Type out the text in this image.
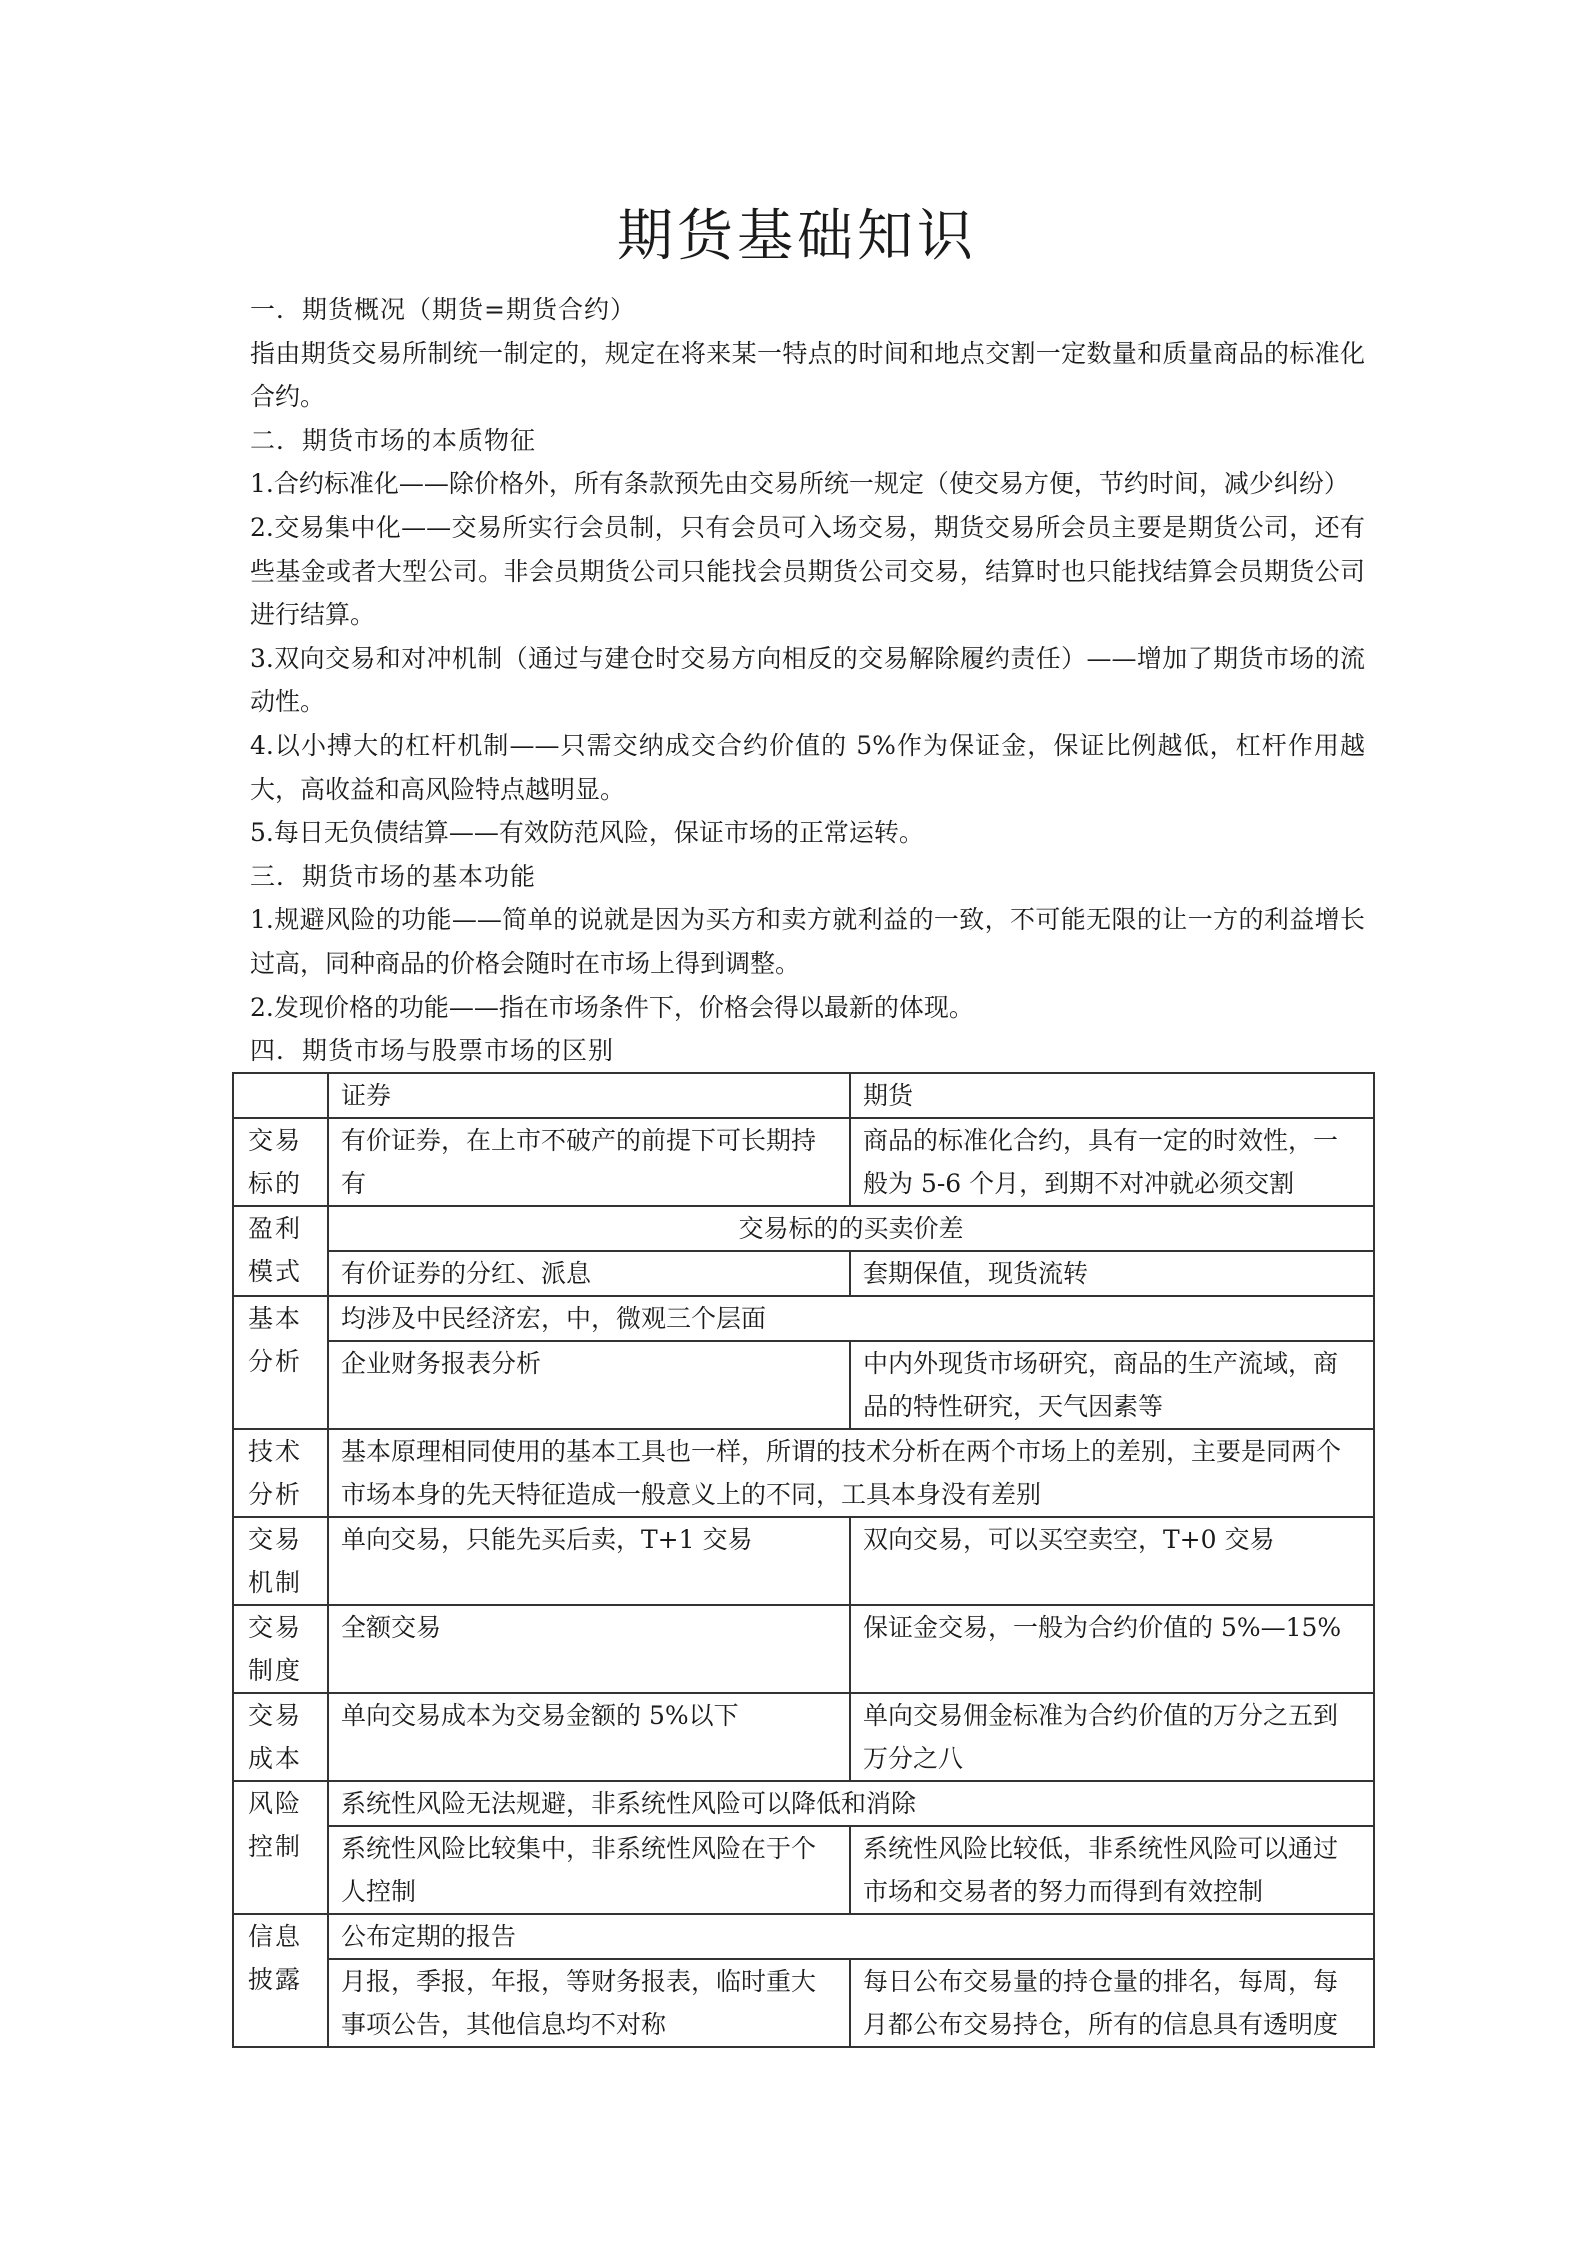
期货基础知识

一．期货概况（期货=期货合约）

指由期货交易所制统一制定的，规定在将来某一特点的时间和地点交割一定数量和质量商品的标准化合约。

二．期货市场的本质物征

1.合约标准化——除价格外，所有条款预先由交易所统一规定（使交易方便，节约时间，减少纠纷）

2.交易集中化——交易所实行会员制，只有会员可入场交易，期货交易所会员主要是期货公司，还有些基金或者大型公司。非会员期货公司只能找会员期货公司交易，结算时也只能找结算会员期货公司进行结算。

3.双向交易和对冲机制（通过与建仓时交易方向相反的交易解除履约责任）——增加了期货市场的流动性。

4.以小搏大的杠杆机制——只需交纳成交合约价值的 5%作为保证金，保证比例越低，杠杆作用越大，高收益和高风险特点越明显。

5.每日无负债结算——有效防范风险，保证市场的正常运转。

三．期货市场的基本功能

1.规避风险的功能——简单的说就是因为买方和卖方就利益的一致，不可能无限的让一方的利益增长过高，同种商品的价格会随时在市场上得到调整。

2.发现价格的功能——指在市场条件下，价格会得以最新的体现。

四．期货市场与股票市场的区别

	证券	期货
交易标的	有价证券，在上市不破产的前提下可长期持有	商品的标准化合约，具有一定的时效性，一般为 5-6 个月，到期不对冲就必须交割
盈利模式	交易标的的买卖价差	
	有价证券的分红、派息	套期保值，现货流转
基本分析	均涉及中民经济宏，中，微观三个层面	
	企业财务报表分析	中内外现货市场研究，商品的生产流域，商品的特性研究，天气因素等
技术分析	基本原理相同使用的基本工具也一样，所谓的技术分析在两个市场上的差别，主要是同两个市场本身的先天特征造成一般意义上的不同，工具本身没有差别	
交易机制	单向交易，只能先买后卖，T+1 交易	双向交易，可以买空卖空，T+0 交易
交易制度	全额交易	保证金交易，一般为合约价值的 5%—15%
交易成本	单向交易成本为交易金额的 5%以下	单向交易佣金标准为合约价值的万分之五到万分之八
风险控制	系统性风险无法规避，非系统性风险可以降低和消除	
	系统性风险比较集中，非系统性风险在于个人控制	系统性风险比较低，非系统性风险可以通过市场和交易者的努力而得到有效控制
信息披露	公布定期的报告	
	月报，季报，年报，等财务报表，临时重大事项公告，其他信息均不对称	每日公布交易量的持仓量的排名，每周，每月都公布交易持仓，所有的信息具有透明度
